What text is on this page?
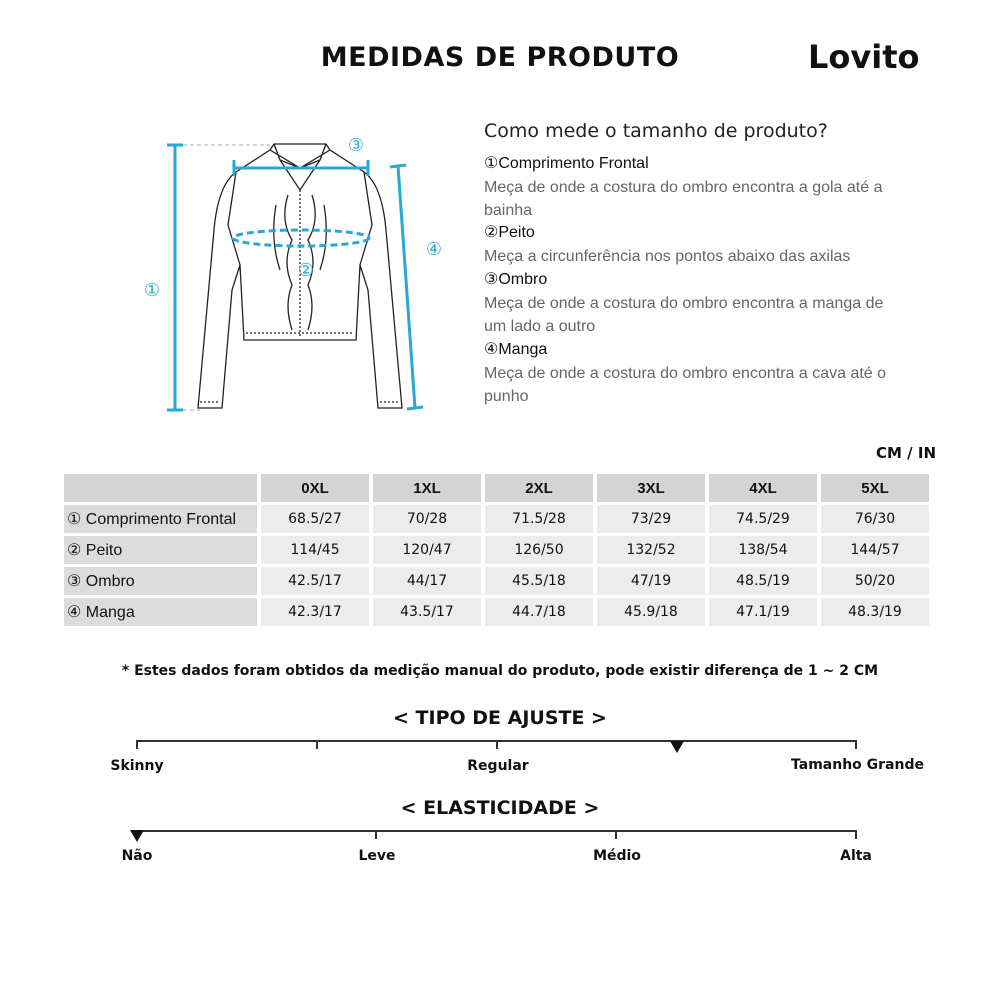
MEDIDAS DE PRODUTO	Lovito
①
②
③
④
Como mede o tamanho de produto?
①Comprimento Frontal
Meça de onde a costura do ombro encontra a gola até a bainha
②Peito
Meça a circunferência nos pontos abaixo das axilas
③Ombro
Meça de onde a costura do ombro encontra a manga de um lado a outro
④Manga
Meça de onde a costura do ombro encontra a cava até o punho
CM / IN
	0XL	1XL	2XL	3XL	4XL	5XL
① Comprimento Frontal	68.5/27	70/28	71.5/28	73/29	74.5/29	76/30
② Peito	114/45	120/47	126/50	132/52	138/54	144/57
③ Ombro	42.5/17	44/17	45.5/18	47/19	48.5/19	50/20
④ Manga	42.3/17	43.5/17	44.7/18	45.9/18	47.1/19	48.3/19
* Estes dados foram obtidos da medição manual do produto, pode existir diferença de 1 ~ 2 CM
< TIPO DE AJUSTE >
Skinny	Regular	Tamanho Grande
< ELASTICIDADE >
Não	Leve	Médio	Alta
